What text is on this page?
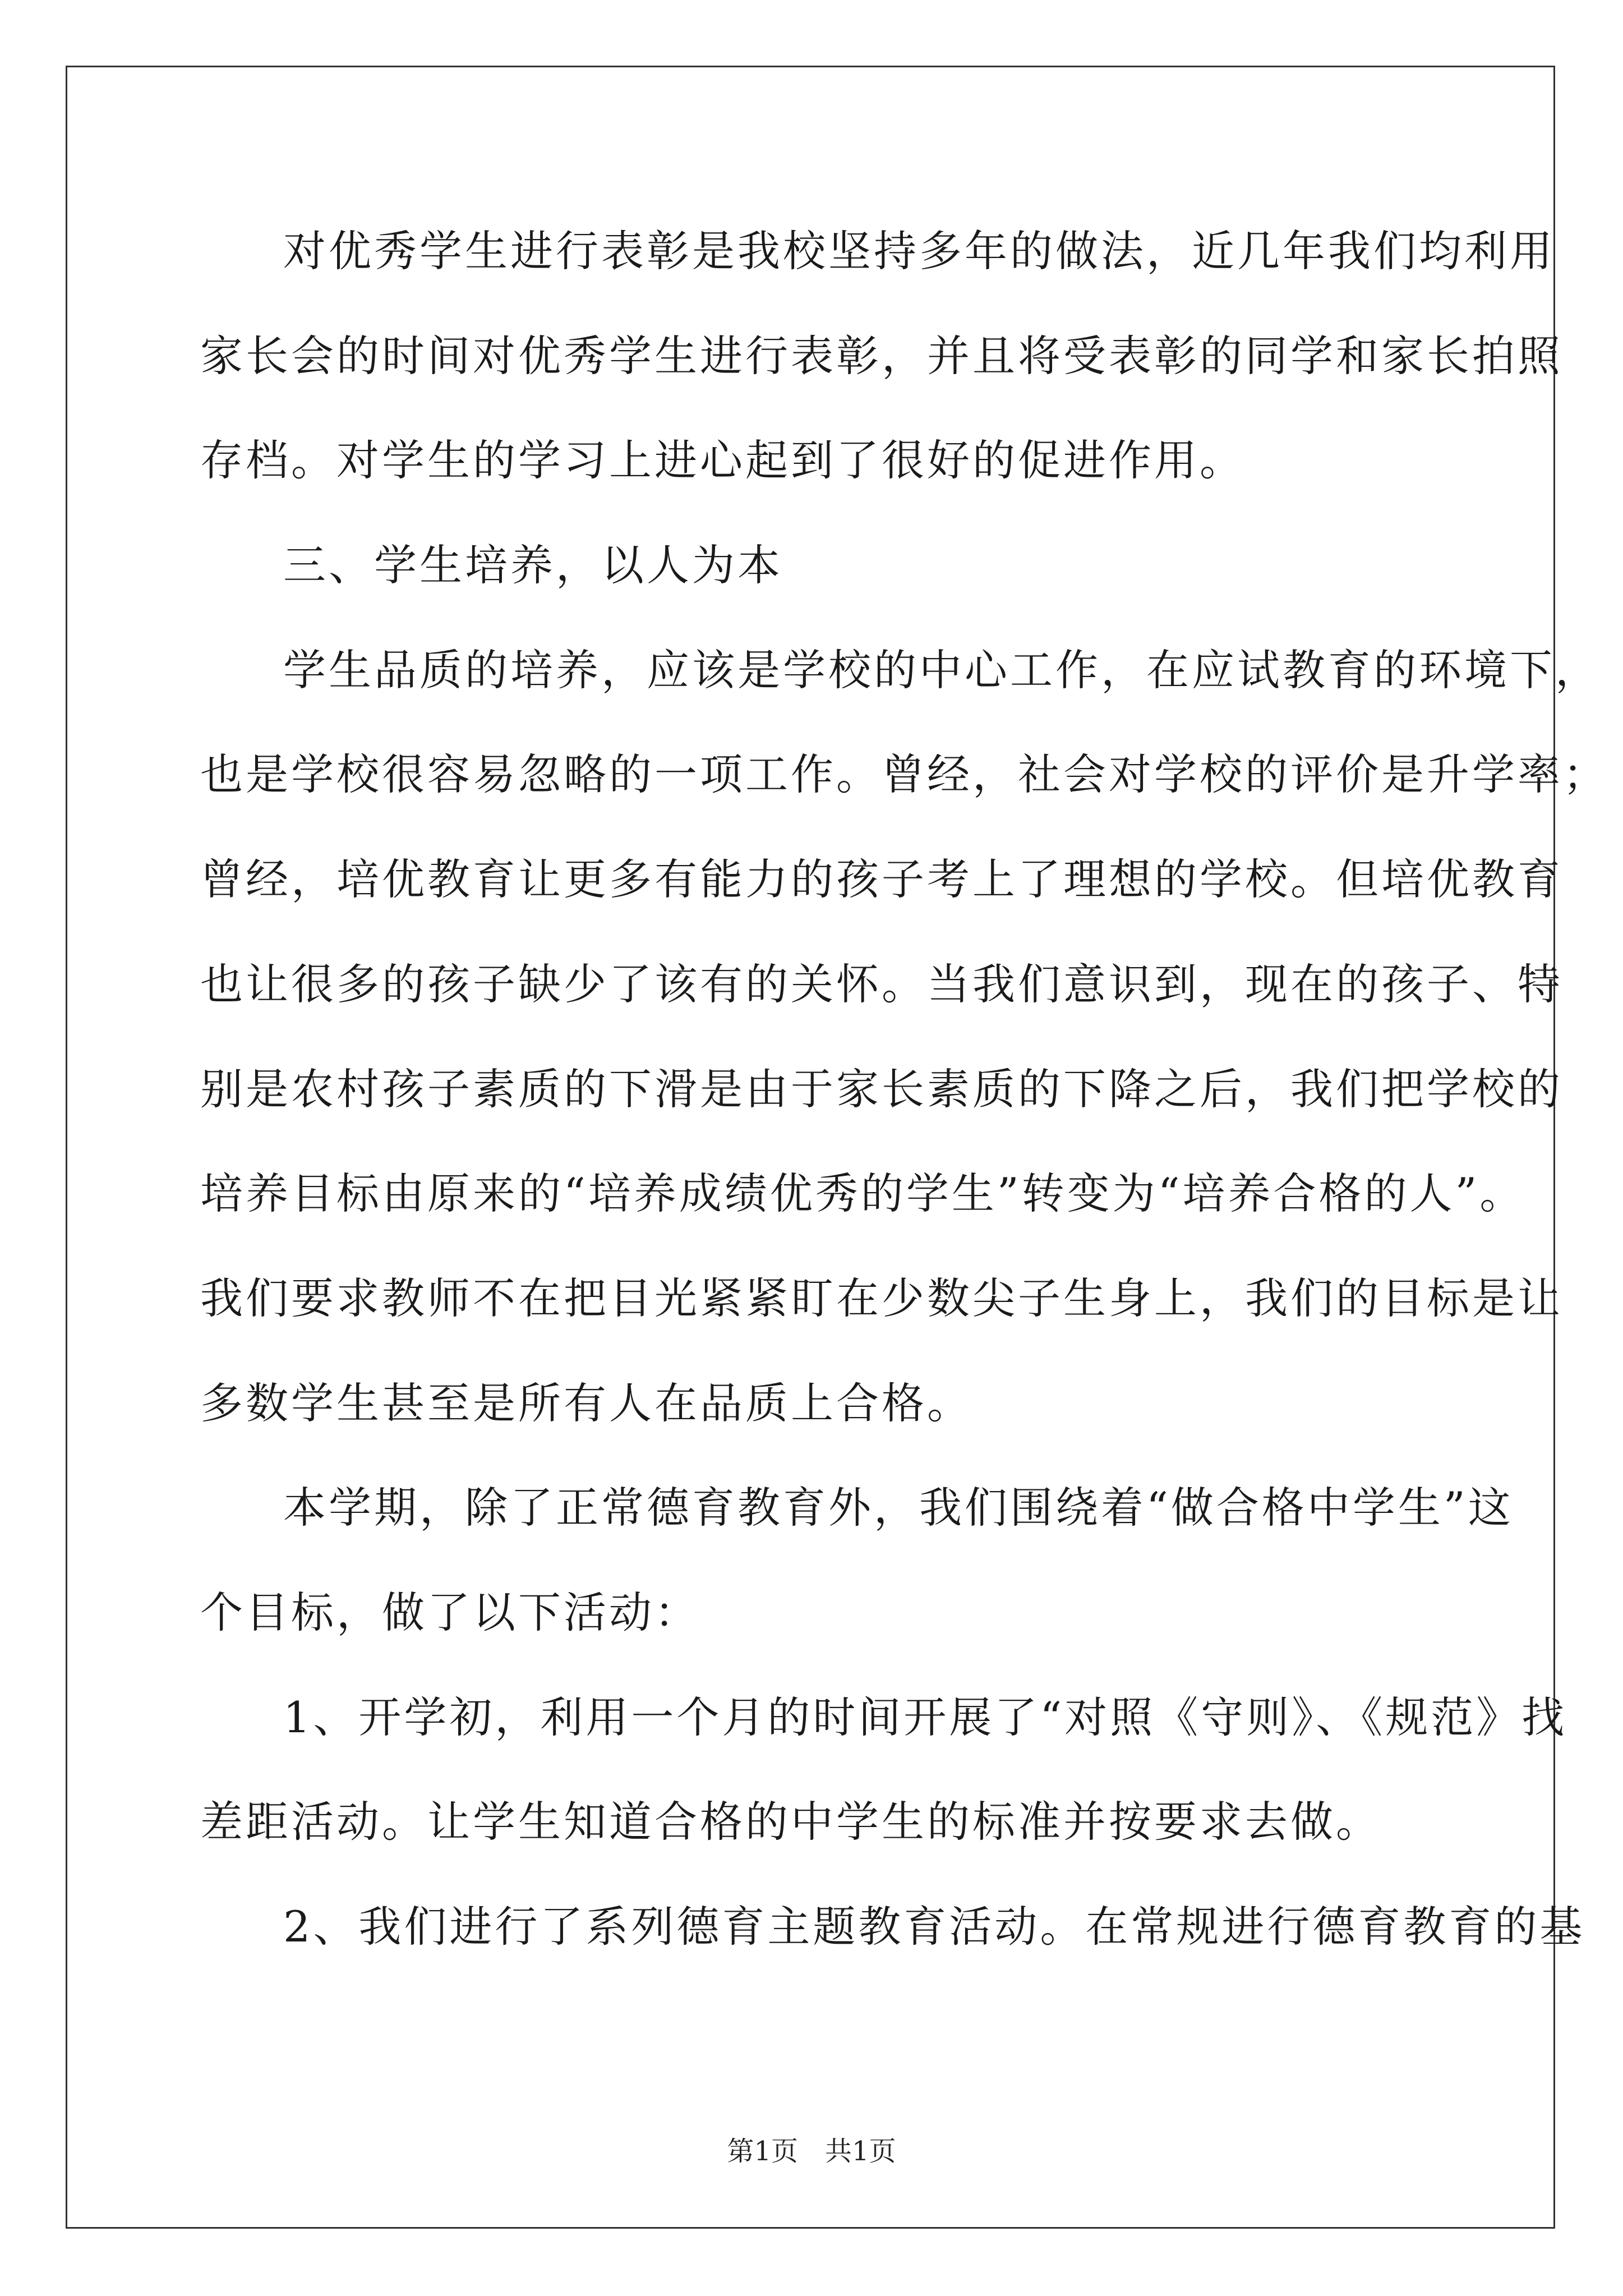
对优秀学生进行表彰是我校坚持多年的做法，近几年我们均利用
家长会的时间对优秀学生进行表彰，并且将受表彰的同学和家长拍照
存档。对学生的学习上进心起到了很好的促进作用。
三、学生培养，以人为本
学生品质的培养，应该是学校的中心工作，在应试教育的环境下，
也是学校很容易忽略的一项工作。曾经，社会对学校的评价是升学率；
曾经，培优教育让更多有能力的孩子考上了理想的学校。但培优教育
也让很多的孩子缺少了该有的关怀。当我们意识到，现在的孩子、特
别是农村孩子素质的下滑是由于家长素质的下降之后，我们把学校的
培养目标由原来的“培养成绩优秀的学生”转变为“培养合格的人”。
我们要求教师不在把目光紧紧盯在少数尖子生身上，我们的目标是让
多数学生甚至是所有人在品质上合格。
本学期，除了正常德育教育外，我们围绕着“做合格中学生”这
个目标，做了以下活动：
1、开学初，利用一个月的时间开展了“对照《守则》、《规范》找
差距活动。让学生知道合格的中学生的标准并按要求去做。
2、我们进行了系列德育主题教育活动。在常规进行德育教育的基
第1页　共1页
